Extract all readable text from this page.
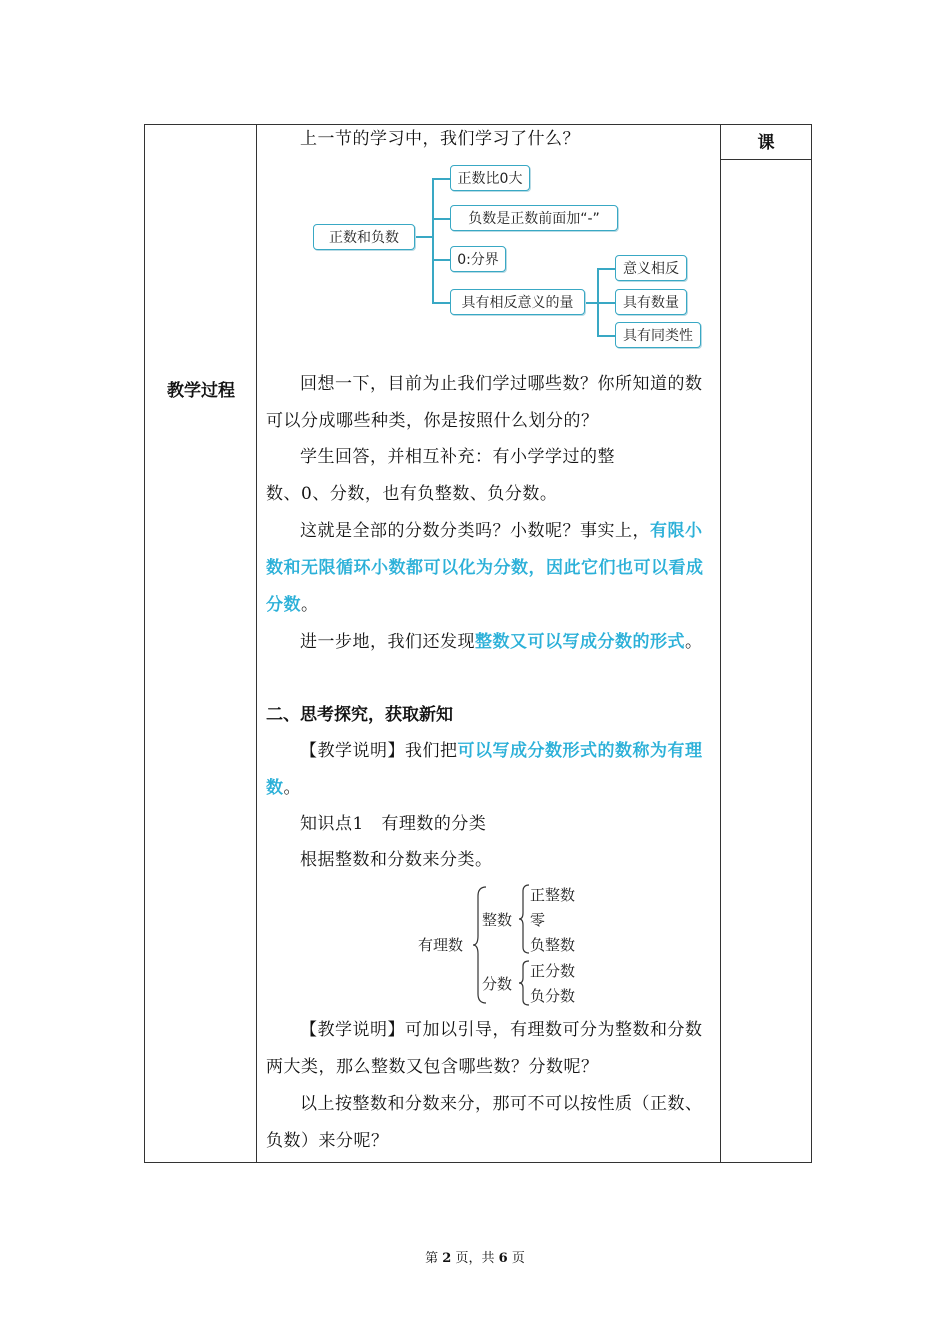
教学过程
课

上一节的学习中，我们学习了什么？

正数和负数
正数比0大
负数是正数前面加“-”
0:分界
具有相反意义的量
意义相反
具有数量
具有同类性

回想一下，目前为止我们学过哪些数？你所知道的数可以分成哪些种类，你是按照什么划分的？

学生回答，并相互补充：有小学学过的整数、0、分数，也有负整数、负分数。

这就是全部的分数分类吗？小数呢？事实上，有限小数和无限循环小数都可以化为分数，因此它们也可以看成分数。

进一步地，我们还发现整数又可以写成分数的形式。

二、思考探究，获取新知

【教学说明】我们把可以写成分数形式的数称为有理数。

知识点1　有理数的分类

根据整数和分数来分类。

有理数
整数
正整数
零
负整数
分数
正分数
负分数

【教学说明】可加以引导，有理数可分为整数和分数两大类，那么整数又包含哪些数？分数呢？

以上按整数和分数来分，那可不可以按性质（正数、负数）来分呢？

第 2 页，共 6 页
